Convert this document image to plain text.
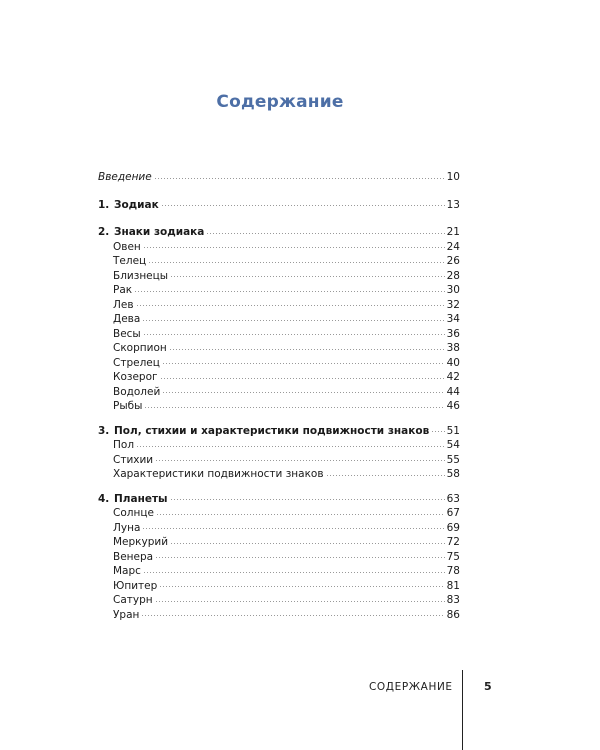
Содержание
Введение	10
1. Зодиак	13
2. Знаки зодиака	21
Овен	24
Телец	26
Близнецы	28
Рак	30
Лев	32
Дева	34
Весы	36
Скорпион	38
Стрелец	40
Козерог	42
Водолей	44
Рыбы	46
3. Пол, стихии и характеристики подвижности знаков 51
Пол	54
Стихии	55
Характеристики подвижности знаков	58
4. Планеты	63
Солнце	67
Луна	69
Меркурий	72
Венера	75
Марс	78
Юпитер	81
Сатурн	83
Уран	86
СОДЕРЖАНИЕ	5
